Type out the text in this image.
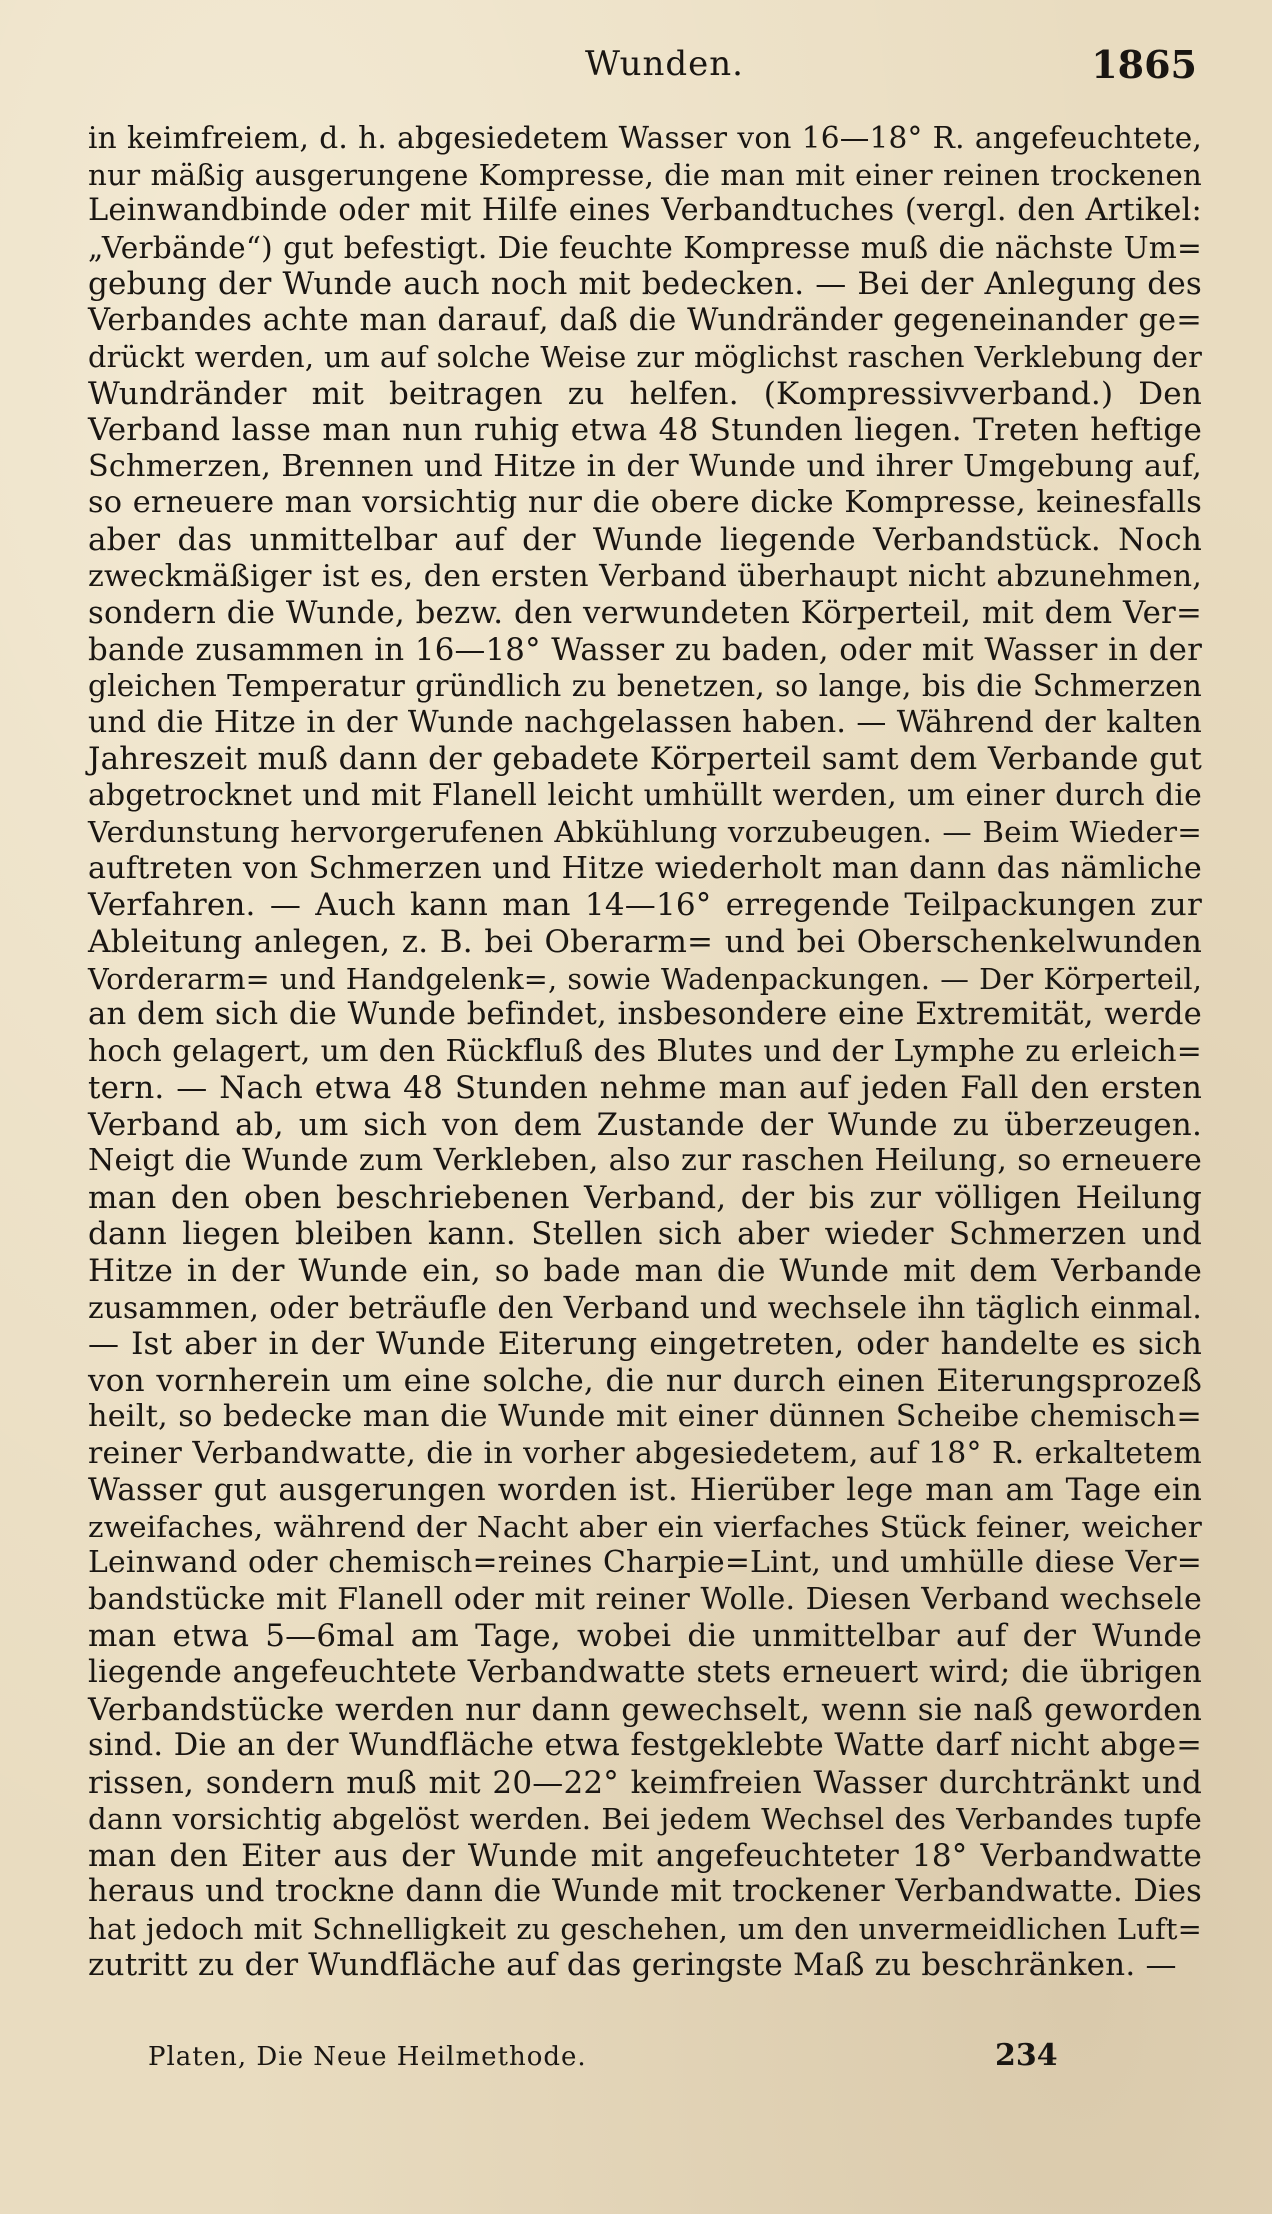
Wunden.	1865
in keimfreiem, d. h. abgesiedetem Wasser von 16—18° R. angefeuchtete,
nur mäßig ausgerungene Kompresse, die man mit einer reinen trockenen
Leinwandbinde oder mit Hilfe eines Verbandtuches (vergl. den Artikel:
„Verbände“) gut befestigt. Die feuchte Kompresse muß die nächste Um=
gebung der Wunde auch noch mit bedecken. — Bei der Anlegung des
Verbandes achte man darauf, daß die Wundränder gegeneinander ge=
drückt werden, um auf solche Weise zur möglichst raschen Verklebung der
Wundränder mit beitragen zu helfen. (Kompressivverband.) Den
Verband lasse man nun ruhig etwa 48 Stunden liegen. Treten heftige
Schmerzen, Brennen und Hitze in der Wunde und ihrer Umgebung auf,
so erneuere man vorsichtig nur die obere dicke Kompresse, keinesfalls
aber das unmittelbar auf der Wunde liegende Verbandstück. Noch
zweckmäßiger ist es, den ersten Verband überhaupt nicht abzunehmen,
sondern die Wunde, bezw. den verwundeten Körperteil, mit dem Ver=
bande zusammen in 16—18° Wasser zu baden, oder mit Wasser in der
gleichen Temperatur gründlich zu benetzen, so lange, bis die Schmerzen
und die Hitze in der Wunde nachgelassen haben. — Während der kalten
Jahreszeit muß dann der gebadete Körperteil samt dem Verbande gut
abgetrocknet und mit Flanell leicht umhüllt werden, um einer durch die
Verdunstung hervorgerufenen Abkühlung vorzubeugen. — Beim Wieder=
auftreten von Schmerzen und Hitze wiederholt man dann das nämliche
Verfahren. — Auch kann man 14—16° erregende Teilpackungen zur
Ableitung anlegen, z. B. bei Oberarm= und bei Oberschenkelwunden
Vorderarm= und Handgelenk=, sowie Wadenpackungen. — Der Körperteil,
an dem sich die Wunde befindet, insbesondere eine Extremität, werde
hoch gelagert, um den Rückfluß des Blutes und der Lymphe zu erleich=
tern. — Nach etwa 48 Stunden nehme man auf jeden Fall den ersten
Verband ab, um sich von dem Zustande der Wunde zu überzeugen.
Neigt die Wunde zum Verkleben, also zur raschen Heilung, so erneuere
man den oben beschriebenen Verband, der bis zur völligen Heilung
dann liegen bleiben kann. Stellen sich aber wieder Schmerzen und
Hitze in der Wunde ein, so bade man die Wunde mit dem Verbande
zusammen, oder beträufle den Verband und wechsele ihn täglich einmal.
— Ist aber in der Wunde Eiterung eingetreten, oder handelte es sich
von vornherein um eine solche, die nur durch einen Eiterungsprozeß
heilt, so bedecke man die Wunde mit einer dünnen Scheibe chemisch=
reiner Verbandwatte, die in vorher abgesiedetem, auf 18° R. erkaltetem
Wasser gut ausgerungen worden ist. Hierüber lege man am Tage ein
zweifaches, während der Nacht aber ein vierfaches Stück feiner, weicher
Leinwand oder chemisch=reines Charpie=Lint, und umhülle diese Ver=
bandstücke mit Flanell oder mit reiner Wolle. Diesen Verband wechsele
man etwa 5—6mal am Tage, wobei die unmittelbar auf der Wunde
liegende angefeuchtete Verbandwatte stets erneuert wird; die übrigen
Verbandstücke werden nur dann gewechselt, wenn sie naß geworden
sind. Die an der Wundfläche etwa festgeklebte Watte darf nicht abge=
rissen, sondern muß mit 20—22° keimfreien Wasser durchtränkt und
dann vorsichtig abgelöst werden. Bei jedem Wechsel des Verbandes tupfe
man den Eiter aus der Wunde mit angefeuchteter 18° Verbandwatte
heraus und trockne dann die Wunde mit trockener Verbandwatte. Dies
hat jedoch mit Schnelligkeit zu geschehen, um den unvermeidlichen Luft=
zutritt zu der Wundfläche auf das geringste Maß zu beschränken. —
Platen, Die Neue Heilmethode.	234
